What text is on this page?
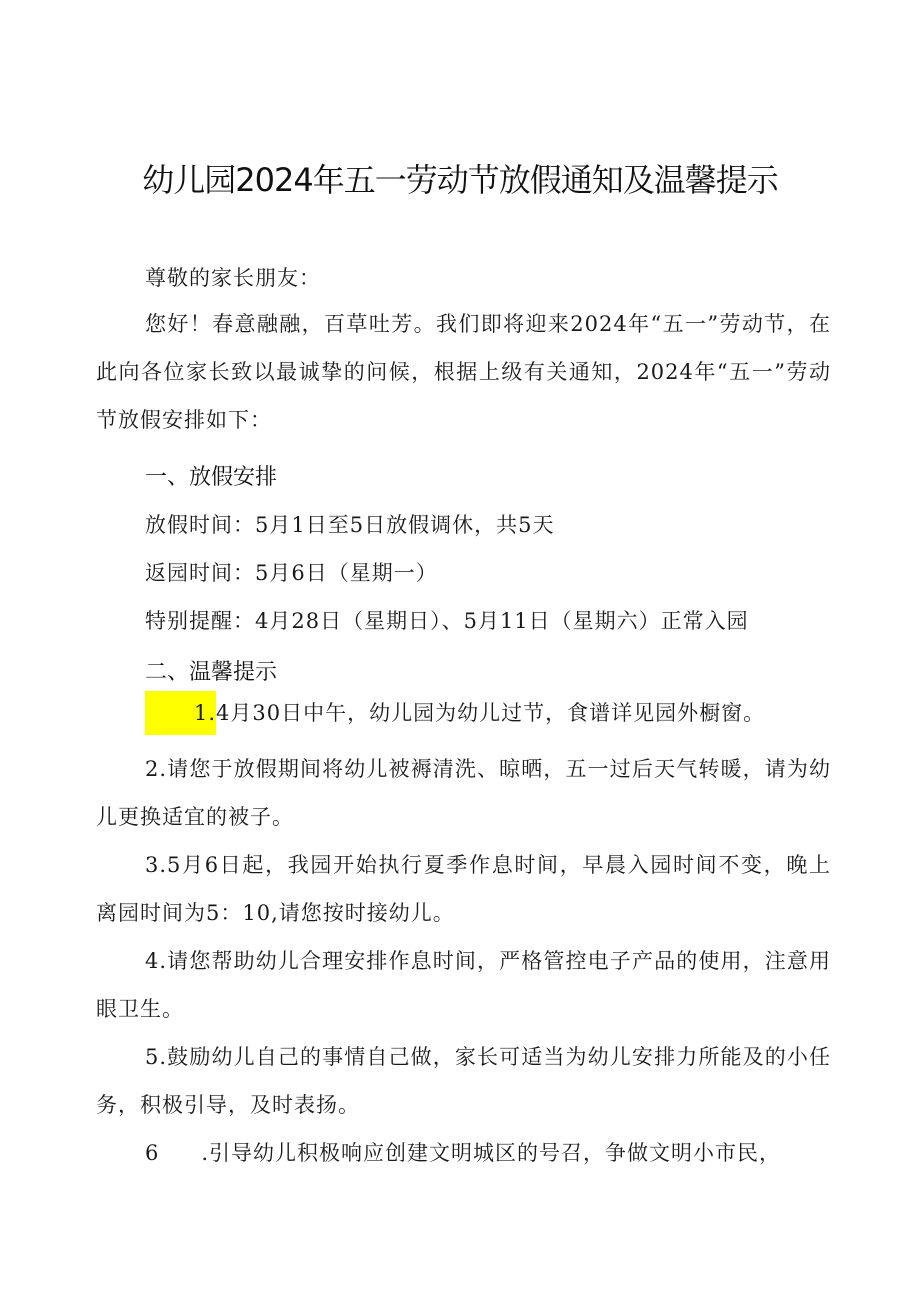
幼儿园2024年五一劳动节放假通知及温馨提示
尊敬的家长朋友：

您好！春意融融，百草吐芳。我们即将迎来2024年“五一”劳动节，在此向各位家长致以最诚挚的问候，根据上级有关通知，2024年“五一”劳动节放假安排如下：

一、放假安排
放假时间：5月1日至5日放假调休，共5天
返园时间：5月6日（星期一）
特别提醒：4月28日（星期日）、5月11日（星期六）正常入园
二、温馨提示

1.4月30日中午，幼儿园为幼儿过节，食谱详见园外橱窗。

2.请您于放假期间将幼儿被褥清洗、晾晒，五一过后天气转暖，请为幼儿更换适宜的被子。

3.5月6日起，我园开始执行夏季作息时间，早晨入园时间不变，晚上离园时间为5：10,请您按时接幼儿。

4.请您帮助幼儿合理安排作息时间，严格管控电子产品的使用，注意用眼卫生。

5.鼓励幼儿自己的事情自己做，家长可适当为幼儿安排力所能及的小任务，积极引导，及时表扬。

6 .引导幼儿积极响应创建文明城区的号召，争做文明小市民，
